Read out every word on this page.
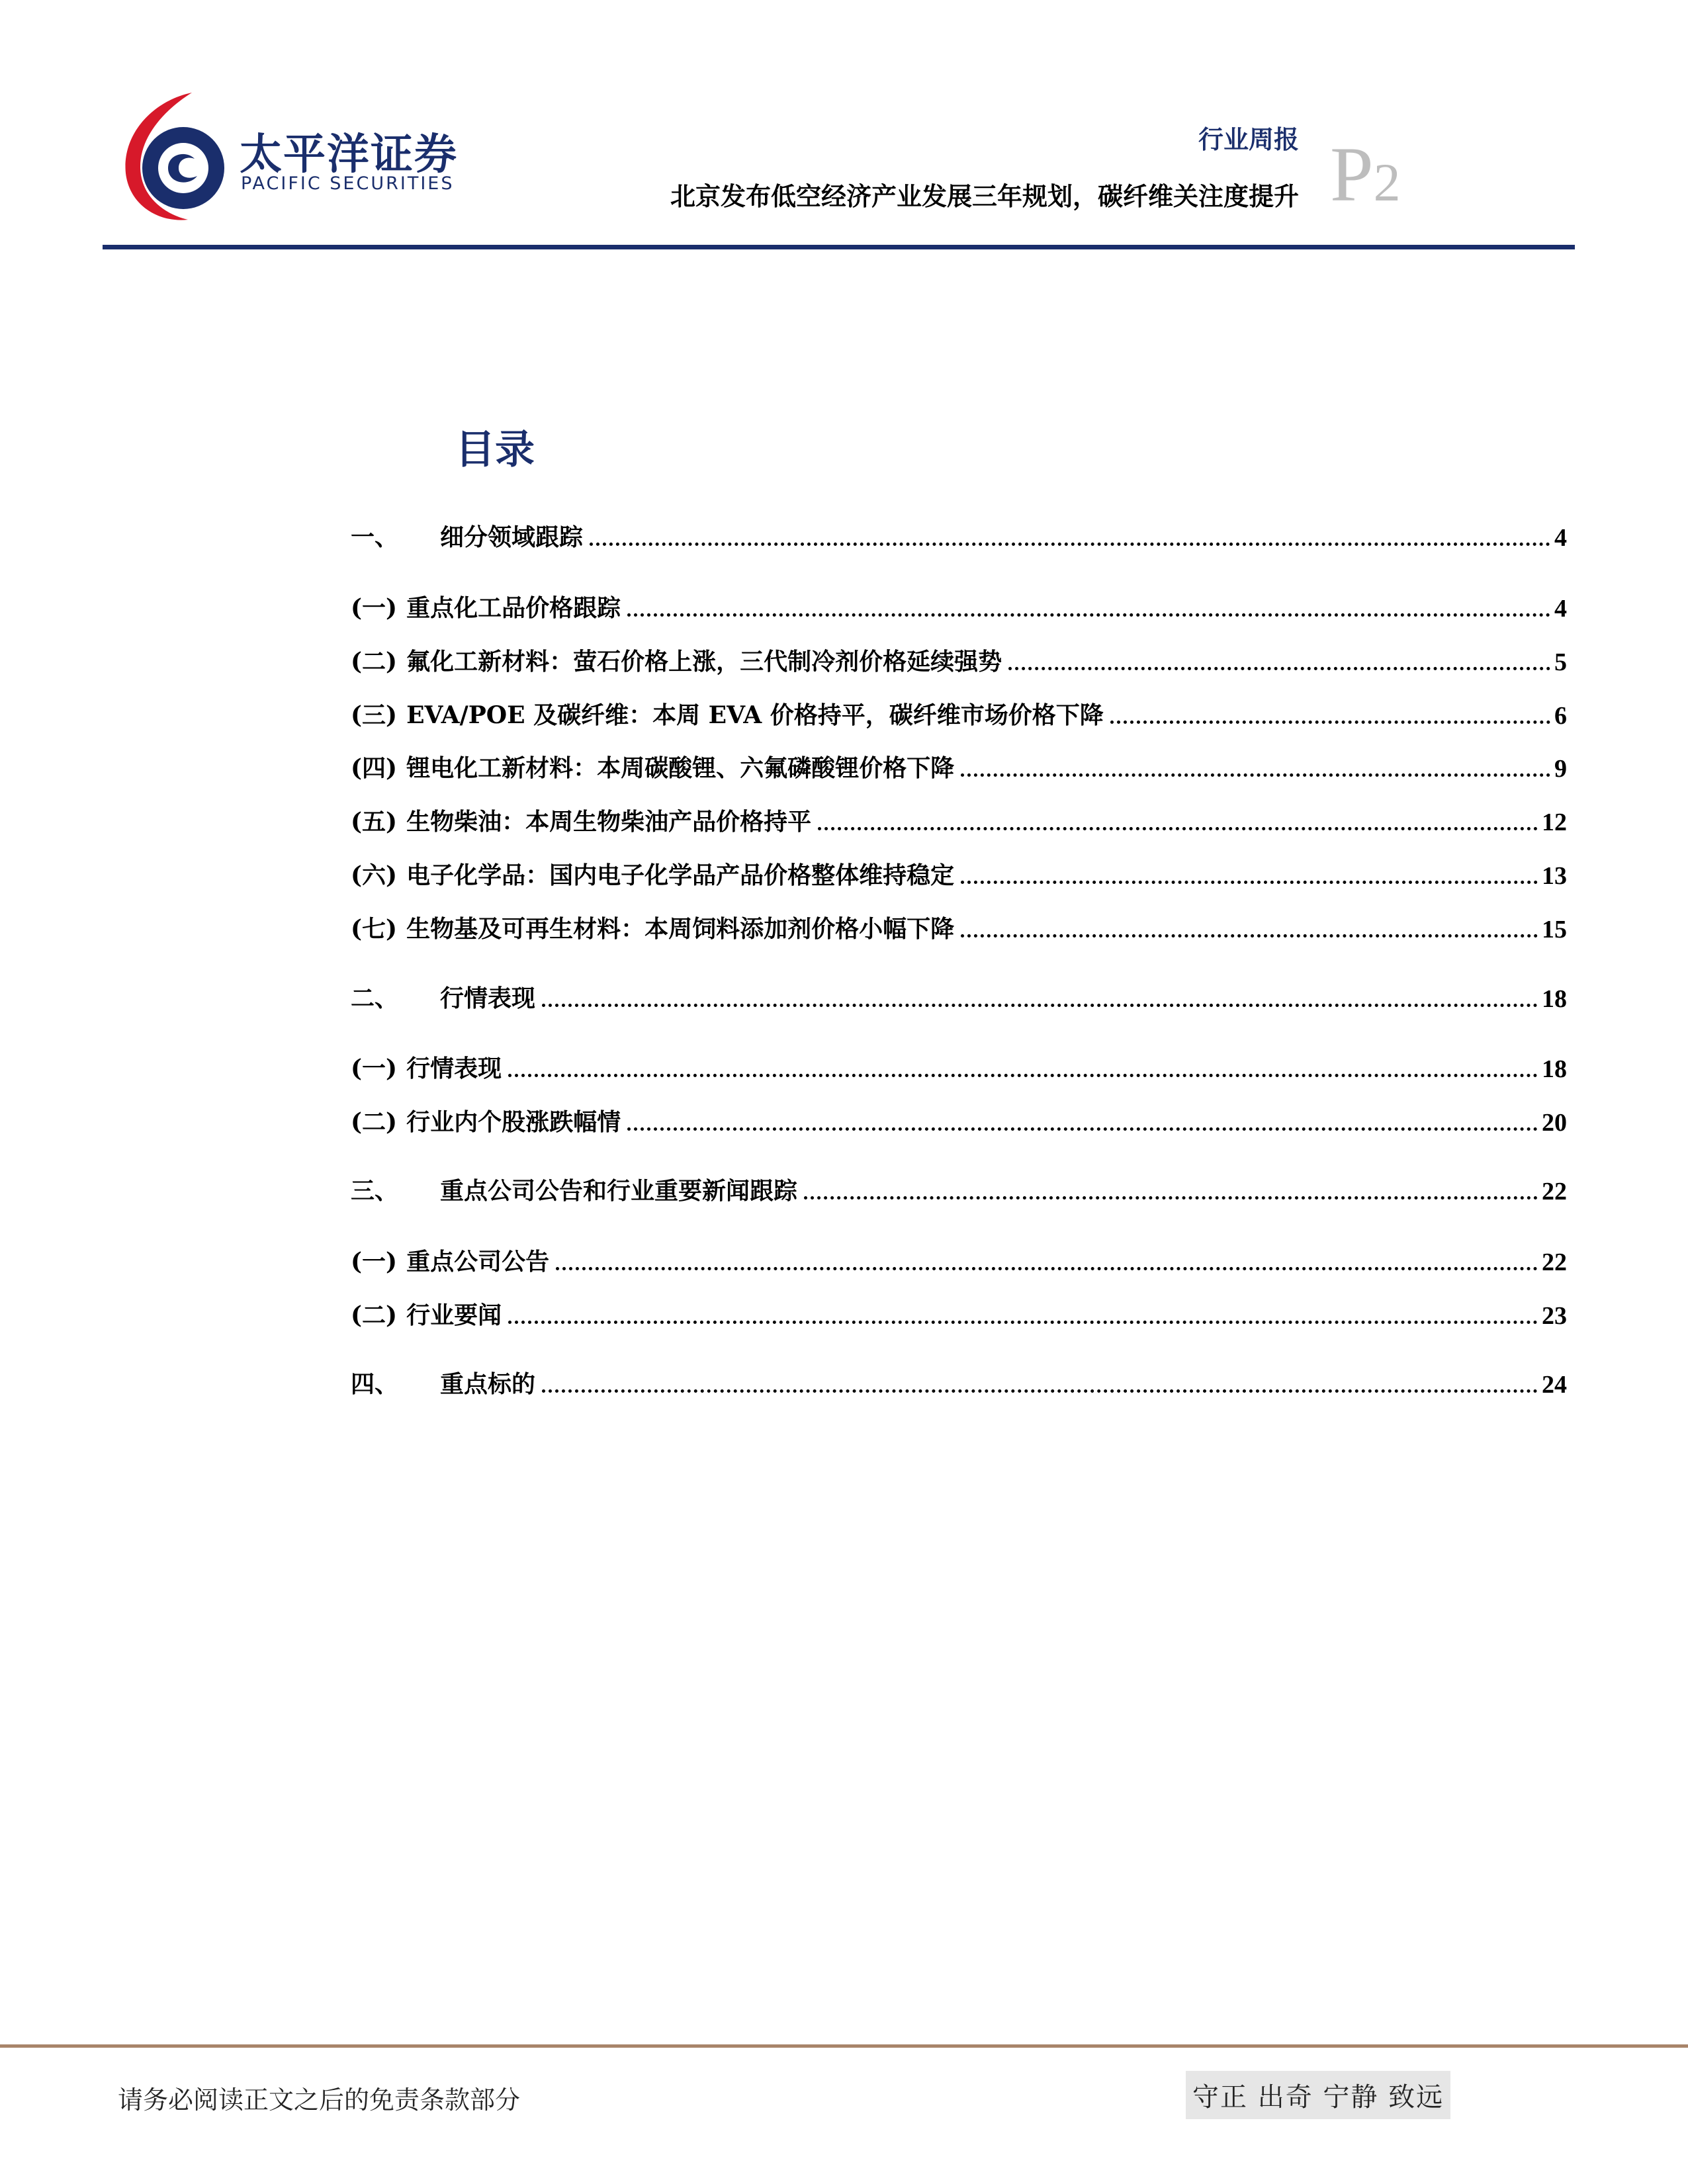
太平洋证券
PACIFIC SECURITIES
行业周报
北京发布低空经济产业发展三年规划，碳纤维关注度提升 P2
目录
一、	细分领域跟踪	4
(一) 重点化工品价格跟踪	4
(二) 氟化工新材料：萤石价格上涨，三代制冷剂价格延续强势	5
(三) EVA/POE 及碳纤维：本周 EVA 价格持平，碳纤维市场价格下降	6
(四) 锂电化工新材料：本周碳酸锂、六氟磷酸锂价格下降	9
(五) 生物柴油：本周生物柴油产品价格持平	12
(六) 电子化学品：国内电子化学品产品价格整体维持稳定	13
(七) 生物基及可再生材料：本周饲料添加剂价格小幅下降	15
二、	行情表现	18
(一) 行情表现	18
(二) 行业内个股涨跌幅情	20
三、	重点公司公告和行业重要新闻跟踪	22
(一) 重点公司公告	22
(二) 行业要闻	23
四、	重点标的	24
请务必阅读正文之后的免责条款部分	守正 出奇 宁静 致远
